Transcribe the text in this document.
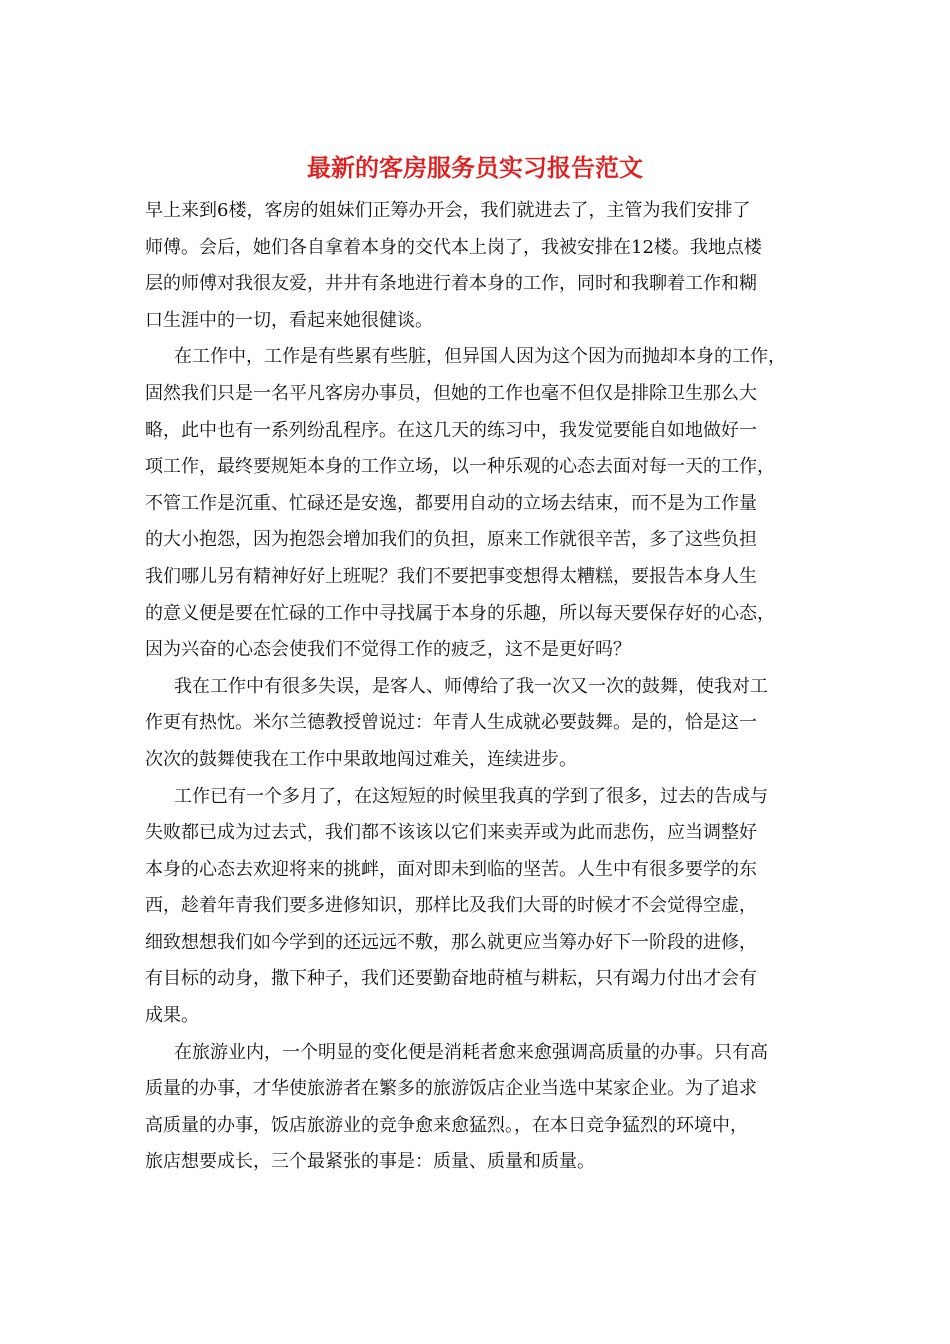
最新的客房服务员实习报告范文
早上来到6楼，客房的姐妹们正筹办开会，我们就进去了，主管为我们安排了
师傅。会后，她们各自拿着本身的交代本上岗了，我被安排在12楼。我地点楼
层的师傅对我很友爱，井井有条地进行着本身的工作，同时和我聊着工作和糊
口生涯中的一切，看起来她很健谈。
在工作中，工作是有些累有些脏，但异国人因为这个因为而抛却本身的工作，
固然我们只是一名平凡客房办事员，但她的工作也毫不但仅是排除卫生那么大
略，此中也有一系列纷乱程序。在这几天的练习中，我发觉要能自如地做好一
项工作，最终要规矩本身的工作立场，以一种乐观的心态去面对每一天的工作，
不管工作是沉重、忙碌还是安逸，都要用自动的立场去结束，而不是为工作量
的大小抱怨，因为抱怨会增加我们的负担，原来工作就很辛苦，多了这些负担
我们哪儿另有精神好好上班呢？我们不要把事变想得太糟糕，要报告本身人生
的意义便是要在忙碌的工作中寻找属于本身的乐趣，所以每天要保存好的心态，
因为兴奋的心态会使我们不觉得工作的疲乏，这不是更好吗？
我在工作中有很多失误，是客人、师傅给了我一次又一次的鼓舞，使我对工
作更有热忱。米尔兰德教授曾说过：年青人生成就必要鼓舞。是的，恰是这一
次次的鼓舞使我在工作中果敢地闯过难关，连续进步。
工作已有一个多月了，在这短短的时候里我真的学到了很多，过去的告成与
失败都已成为过去式，我们都不该该以它们来卖弄或为此而悲伤，应当调整好
本身的心态去欢迎将来的挑衅，面对即未到临的坚苦。人生中有很多要学的东
西，趁着年青我们要多进修知识，那样比及我们大哥的时候才不会觉得空虚，
细致想想我们如今学到的还远远不敷，那么就更应当筹办好下一阶段的进修，
有目标的动身，撒下种子，我们还要勤奋地莳植与耕耘，只有竭力付出才会有
成果。
在旅游业内，一个明显的变化便是消耗者愈来愈强调高质量的办事。只有高
质量的办事，才华使旅游者在繁多的旅游饭店企业当选中某家企业。为了追求
高质量的办事，饭店旅游业的竞争愈来愈猛烈。，在本日竞争猛烈的环境中，
旅店想要成长，三个最紧张的事是：质量、质量和质量。
